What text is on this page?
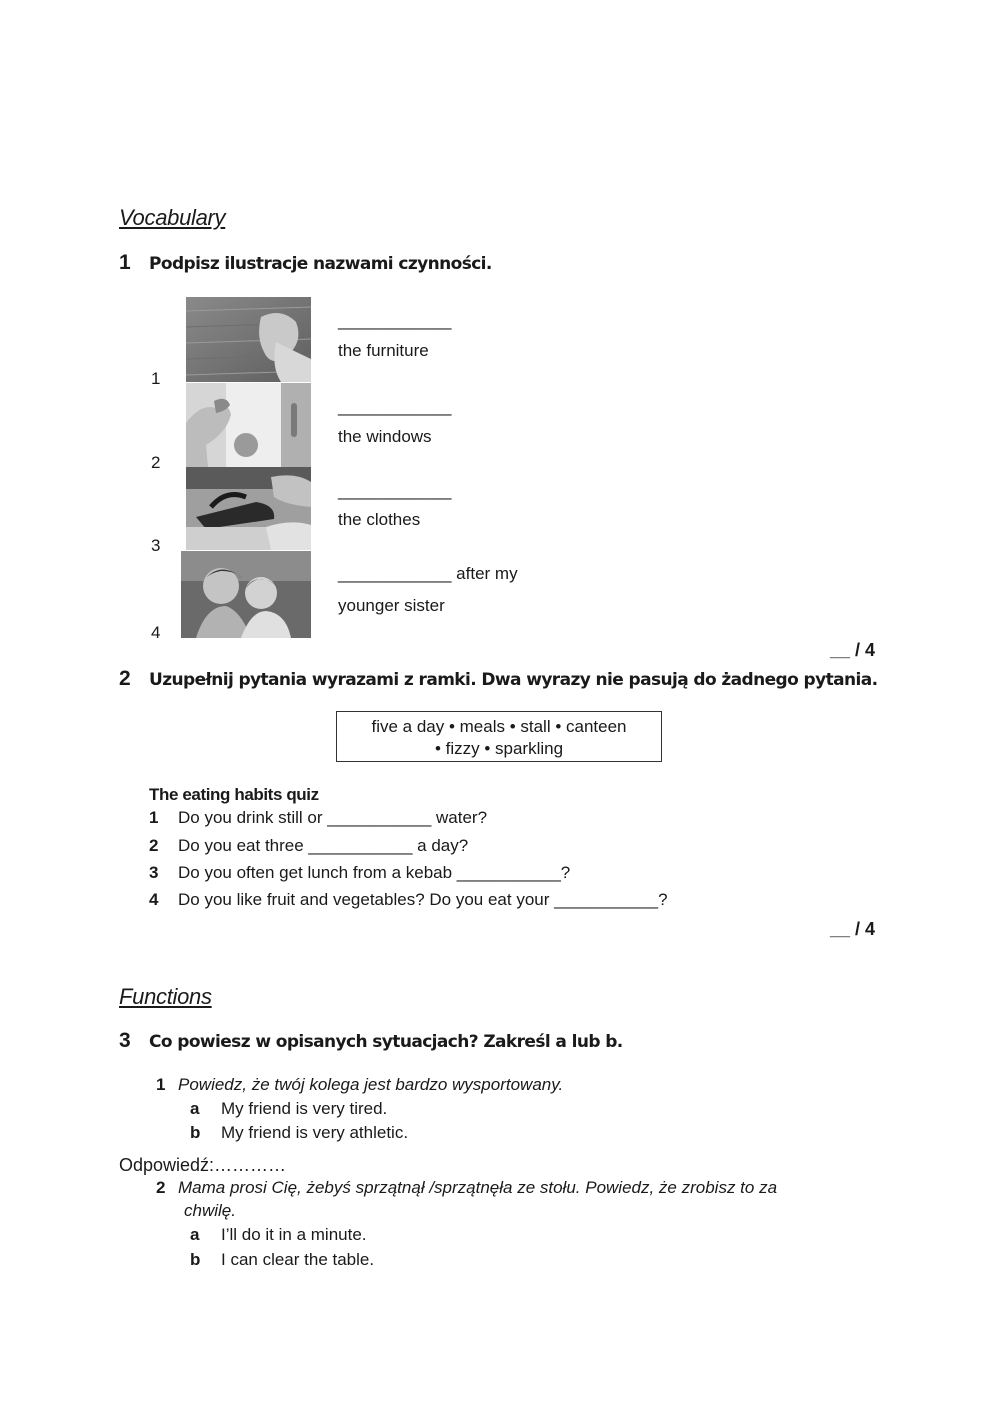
Vocabulary
1 Podpisz ilustracje nazwami czynności.
1
____________
the furniture
2
____________
the windows
3
____________
the clothes
4
____________ after my
younger sister
__ / 4
2 Uzupełnij pytania wyrazami z ramki. Dwa wyrazy nie pasują do żadnego pytania.
five a day • meals • stall • canteen
• fizzy • sparkling
The eating habits quiz
1 Do you drink still or ___________ water?
2 Do you eat three ___________ a day?
3 Do you often get lunch from a kebab ___________?
4 Do you like fruit and vegetables? Do you eat your ___________?
__ / 4
Functions
3 Co powiesz w opisanych sytuacjach? Zakreśl a lub b.
1 Powiedz, że twój kolega jest bardzo wysportowany.
a My friend is very tired.
b My friend is very athletic.
Odpowiedź:…………
2 Mama prosi Cię, żebyś sprzątnął /sprzątnęła ze stołu. Powiedz, że zrobisz to za
chwilę.
a I’ll do it in a minute.
b I can clear the table.
